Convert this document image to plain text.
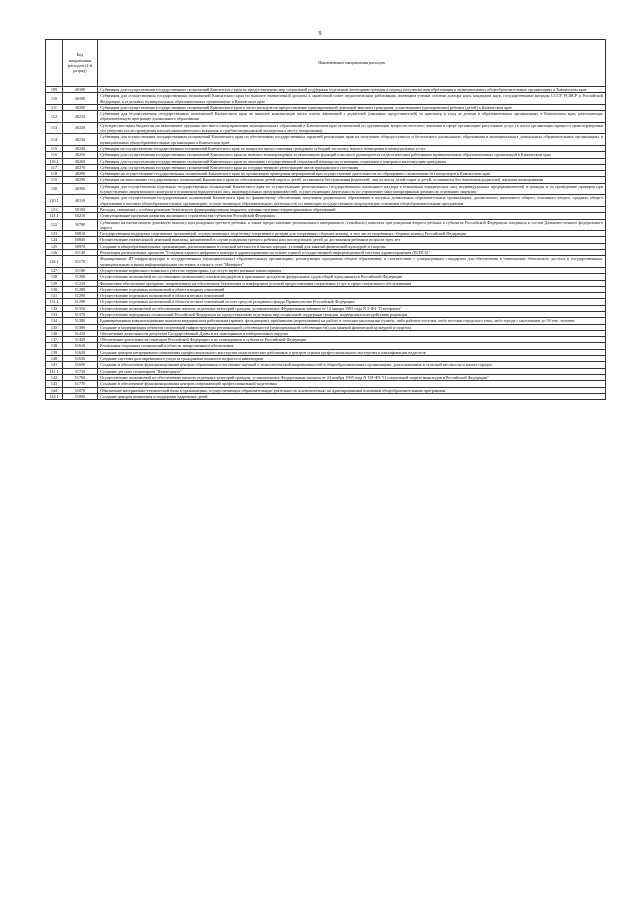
9
	Код направления расходов (4-й разряд)	Наименование направления расходов
109	40180	Субвенция для осуществления государственных полномочий Камчатского края по предоставлению мер социальной поддержки отдельным категориям граждан в период получения ими образования в муниципальных общеобразовательных организациях в Камчатском крае
110	40190	Субвенция для осуществления государственных полномочий Камчатского края по выплате ежемесячной доплаты к заработной плате педагогическим работникам, имеющим ученые степени доктора наук, кандидата наук, государственные награды СССР, РСФСР и Российской Федерации, в отдельных муниципальных образовательных организациях в Камчатском крае
111	40200	Субвенция для осуществления государственных полномочий Камчатского края в части расходов на предоставление единовременной денежной выплаты гражданам, усыновившим (удочерившим) ребенка (детей) в Камчатском крае
112	40210	Субвенция для осуществления государственных полномочий Камчатского края по выплате компенсации части платы, взимаемой с родителей (законных представителей) за присмотр и уход за детьми в образовательных организациях в Камчатском крае, реализующих образовательную программу дошкольного образования
113	40220	Субсидии местным бюджетам на выполнение органами местного самоуправления муниципальных образований в Камчатском крае полномочий по организации вопросов местного значения в сфере организации ритуальных услуг (в части организации процесса транспортировки тел умерших после проведения патологоанатомического вскрытия и судебно-медицинской экспертизы к месту захоронения)
114	40230	Субвенция для осуществления государственных полномочий Камчатского края по обеспечению государственных гарантий реализации прав на получение общедоступного и бесплатного дошкольного образования в муниципальных дошкольных образовательных организациях и муниципальных общеобразовательных организациях в Камчатском крае
115	40240	Субвенция на осуществление государственных полномочий Камчатского края по вопросам предоставления гражданам субсидий на оплату жилого помещения и коммунальных услуг
116	40250	Субвенция для осуществления государственных полномочий Камчатского края по выплате вознаграждения за выполнение функций классного руководителя педагогическим работникам муниципальных образовательных организаций в Камчатском крае
116.1	40260	Субвенция для осуществления государственных полномочий Камчатского края по оказанию государственной социальной помощи на основании социального контракта малоимущим гражданам
117	40270	Субвенция для осуществления государственных полномочий Камчатского края на государственную регистрацию актов гражданского состояния
118	40280	Субвенции на осуществление государственных полномочий Камчатского края по организации проведения мероприятий при осуществлении деятельности по обращению с животными без владельцев в Камчатском крае
119	40290	Субвенция на выполнение государственных полномочий Камчатского края по обеспечению детей-сирот и детей, оставшихся без попечения родителей, лиц из числа детей-сирот и детей, оставшихся без попечения родителей, жилыми помещениями
120	40300	Субвенция для осуществления отдельных государственных полномочий Камчатского края по осуществлению регионального государственного жилищного надзора в отношении юридических лиц, индивидуальных предпринимателей и граждан и по проведению проверок при осуществлении лицензионного контроля в отношении юридических лиц, индивидуальных предпринимателей, осуществляющих деятельность по управлению многоквартирными домами на основании лицензии
120.1	40310	Субвенция для осуществления государственных полномочий Камчатского края по финансовому обеспечению получения дошкольного образования в частных дошкольных образовательных организациях, дошкольного, начального общего, основного общего, среднего общего образования в частных общеобразовательных организациях, осуществляющих образовательную деятельность по имеющим государственную аккредитацию основным общеобразовательным программам
121	50100	Расходы, связанные с особым режимом безопасного функционирования закрытых административно-территориальных образований
121.1	50210	Стимулирование программ развития жилищного строительства субъектов Российской Федерации
122	50780	Субвенции на ежемесячную денежную выплату при рождении третьего ребенка, а также предоставление регионального материнского (семейного) капитала при рождении второго ребенка в субъектах Российской Федерации, входящих в состав Дальневосточного федерального округа
123	50810	Государственная поддержка спортивных организаций, осуществляющих подготовку спортивного резерва для спортивных сборных команд, в том числе спортивных сборных команд Российской Федерации
124	50840	Осуществление ежемесячной денежной выплаты, назначаемой в случае рождения третьего ребенка или последующих детей до достижения ребенком возраста трех лет
125	50970	Создание в общеобразовательных организациях, расположенных в сельской местности и малых городах, условий для занятий физической культурой и спортом
126	51140	Реализация региональных проектов "Создание единого цифрового контура в здравоохранении на основе единой государственной информационной системы здравоохранения (ЕГИСЗ)"
126.1	51170	Формирование ИТ-инфраструктуры в государственных (муниципальных) образовательных организациях, реализующих программы общего образования, в соответствии с утвержденным стандартом для обеспечения в помещениях безопасного доступа к государственным, муниципальным и иным информационным системам, а также к сети "Интернет"
127	51180	Осуществление первичного воинского учета на территориях, где отсутствуют военные комиссариаты
128	51200	Осуществление полномочий по составлению (изменению) списков кандидатов в присяжные заседатели федеральных судов общей юрисдикции в Российской Федерации
129	51210	Финансовое обеспечение программ, направленных на обеспечение безопасных и комфортных условий предоставления социальных услуг в сфере социального обслуживания
130	51280	Осуществление отдельных полномочий в области водных отношений
131	51290	Осуществление отдельных полномочий в области лесных отношений
131.1	5129F	Осуществление отдельных полномочий в области лесных отношений за счет средств резервного фонда Правительства Российской Федерации
132	51350	Осуществление полномочий по обеспечению жильем отдельных категорий граждан, установленных Федеральным законом от 12 января 1995 года N 5-ФЗ "О ветеранах"
133	51370	Осуществление переданных полномочий Российской Федерации по предоставлению отдельных мер социальной поддержки граждан, подвергшихся воздействию радиации
134	51380	Единовременные компенсационные выплаты медицинским работникам (врачам, фельдшерам), прибывшим (переехавшим) на работу в сельские населенные пункты, либо рабочие поселки, либо поселки городского типа, либо города с населением до 50 тыс. человек
135	51390	Создание и модернизация объектов спортивной инфраструктуры региональной собственности (муниципальной собственности) для занятий физической культурой и спортом
136	51410	Обеспечение деятельности депутатов Государственной Думы и их помощников в избирательных округах
137	51420	Обеспечение деятельности сенаторов Российской Федерации и их помощников в субъектах Российской Федерации
138	51610	Реализация отдельных полномочий в области лекарственного обеспечения
139	51620	Создание центров непрерывного повышения профессионального мастерства педагогических работников и центров оценки профессионального мастерства и квалификации педагогов
140	51630	Создание системы долговременного ухода за гражданами пожилого возраста и инвалидами
141	51690	Создание и обеспечение функционирования центров образования естественно-научной и технологической направленностей в общеобразовательных организациях, расположенных в сельской местности и малых городах
141.1	51730	Создание детских технопарков "Кванториум"
142	51760	Осуществление полномочий по обеспечению жильем отдельных категорий граждан, установленных Федеральным законом от 24 ноября 1995 года N 181-ФЗ "О социальной защите инвалидов в Российской Федерации"
143	51770	Создание и обеспечение функционирования центров опережающей профессиональной подготовки
144	51870	Обновление материально-технической базы в организациях, осуществляющих образовательную деятельность исключительно по адаптированным основным общеобразовательным программам
144.1	51890	Создание центров выявления и поддержки одаренных детей
